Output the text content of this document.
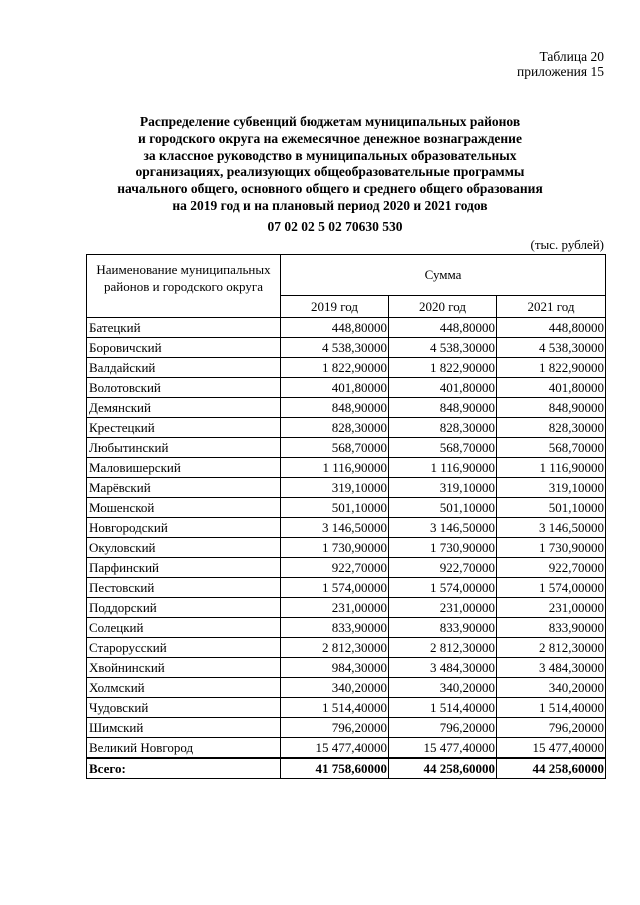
Таблица 20
приложения 15
Распределение субвенций бюджетам муниципальных районов
и городского округа на ежемесячное денежное вознаграждение
за классное руководство в муниципальных образовательных
организациях, реализующих общеобразовательные программы
начального общего, основного общего и среднего общего образования
на 2019 год и на плановый период 2020 и 2021 годов
07 02 02 5 02 70630 530
(тыс. рублей)
Наименование муниципальных районов и городского округа	Сумма		
	2019 год	2020 год	2021 год
Батецкий	448,80000	448,80000	448,80000
Боровичский	4 538,30000	4 538,30000	4 538,30000
Валдайский	1 822,90000	1 822,90000	1 822,90000
Волотовский	401,80000	401,80000	401,80000
Демянский	848,90000	848,90000	848,90000
Крестецкий	828,30000	828,30000	828,30000
Любытинский	568,70000	568,70000	568,70000
Маловишерский	1 116,90000	1 116,90000	1 116,90000
Марёвский	319,10000	319,10000	319,10000
Мошенской	501,10000	501,10000	501,10000
Новгородский	3 146,50000	3 146,50000	3 146,50000
Окуловский	1 730,90000	1 730,90000	1 730,90000
Парфинский	922,70000	922,70000	922,70000
Пестовский	1 574,00000	1 574,00000	1 574,00000
Поддорский	231,00000	231,00000	231,00000
Солецкий	833,90000	833,90000	833,90000
Старорусский	2 812,30000	2 812,30000	2 812,30000
Хвойнинский	984,30000	3 484,30000	3 484,30000
Холмский	340,20000	340,20000	340,20000
Чудовский	1 514,40000	1 514,40000	1 514,40000
Шимский	796,20000	796,20000	796,20000
Великий Новгород	15 477,40000	15 477,40000	15 477,40000
Всего:	41 758,60000	44 258,60000	44 258,60000
